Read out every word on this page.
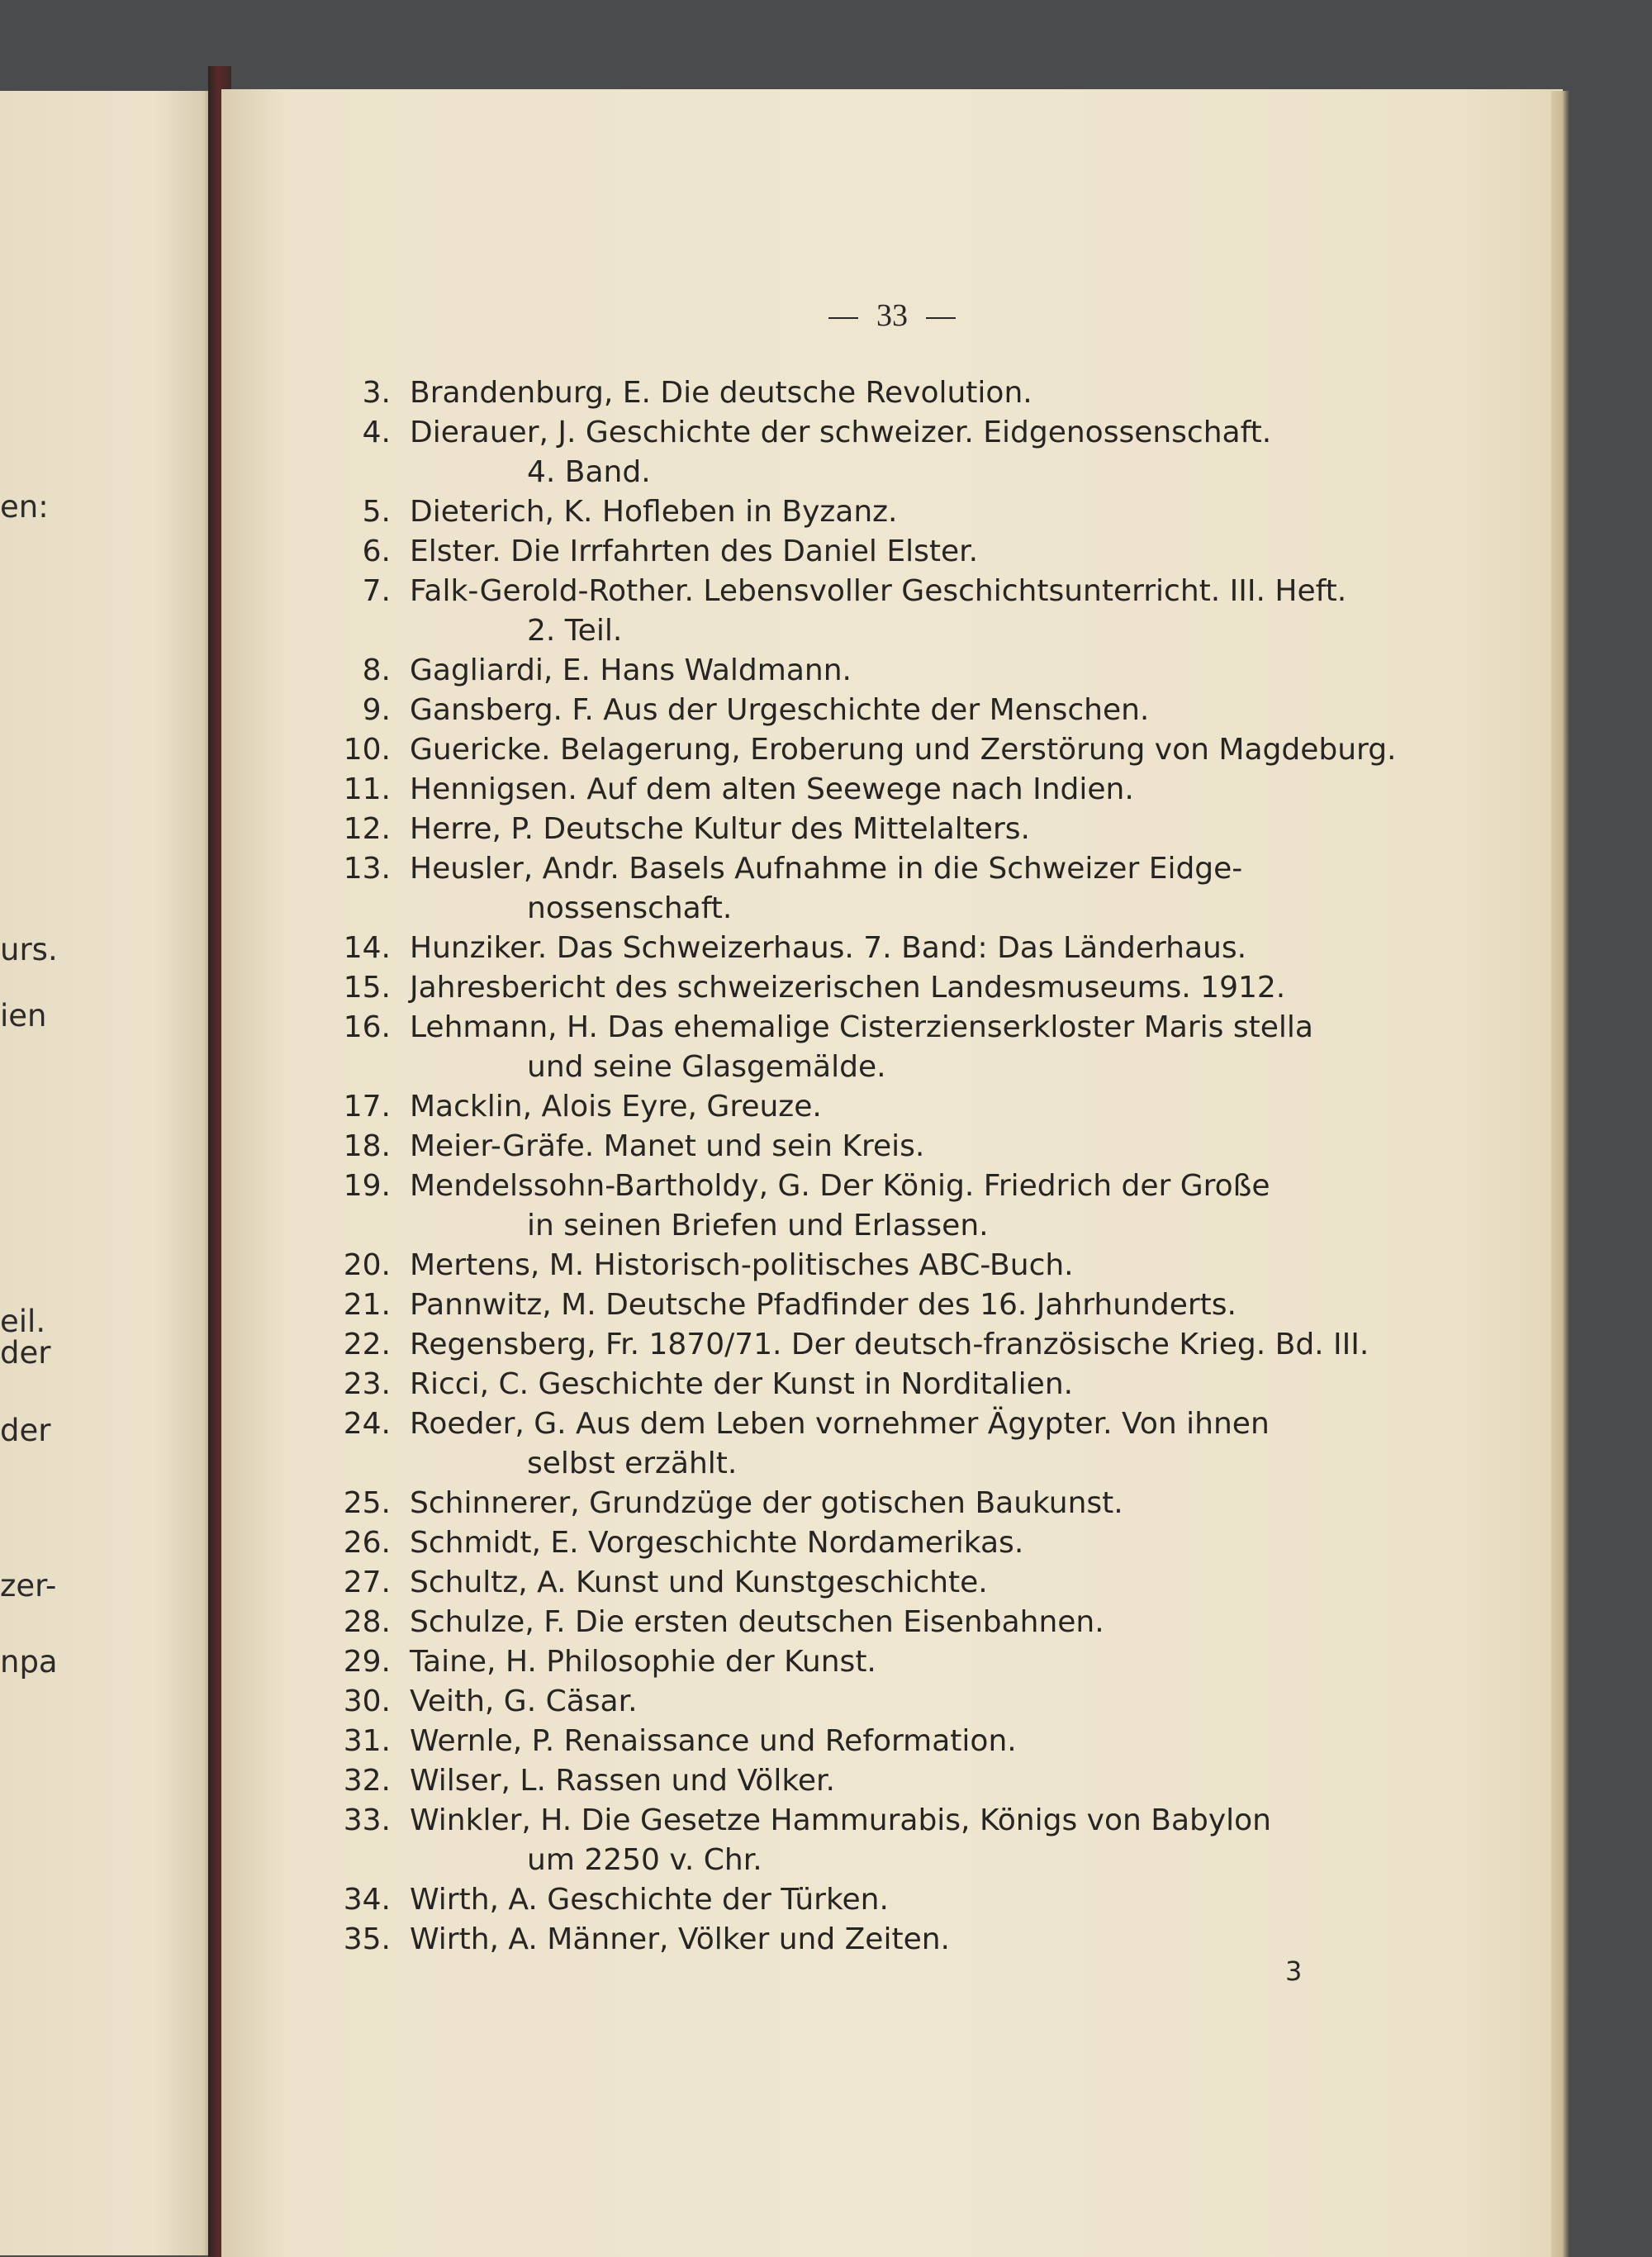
en:
urs.
ien
eil.
der
der
zer-
npa
33
3. Brandenburg, E. Die deutsche Revolution.
4. Dierauer, J. Geschichte der schweizer. Eidgenossenschaft.
4. Band.
5. Dieterich, K. Hofleben in Byzanz.
6. Elster. Die Irrfahrten des Daniel Elster.
7. Falk-Gerold-Rother. Lebensvoller Geschichtsunterricht. III. Heft.
2. Teil.
8. Gagliardi, E. Hans Waldmann.
9. Gansberg. F. Aus der Urgeschichte der Menschen.
10. Guericke. Belagerung, Eroberung und Zerstörung von Magdeburg.
11. Hennigsen. Auf dem alten Seewege nach Indien.
12. Herre, P. Deutsche Kultur des Mittelalters.
13. Heusler, Andr. Basels Aufnahme in die Schweizer Eidge-
nossenschaft.
14. Hunziker. Das Schweizerhaus. 7. Band: Das Länderhaus.
15. Jahresbericht des schweizerischen Landesmuseums. 1912.
16. Lehmann, H. Das ehemalige Cisterzienserkloster Maris stella
und seine Glasgemälde.
17. Macklin, Alois Eyre, Greuze.
18. Meier-Gräfe. Manet und sein Kreis.
19. Mendelssohn-Bartholdy, G. Der König. Friedrich der Große
in seinen Briefen und Erlassen.
20. Mertens, M. Historisch-politisches ABC-Buch.
21. Pannwitz, M. Deutsche Pfadfinder des 16. Jahrhunderts.
22. Regensberg, Fr. 1870/71. Der deutsch-französische Krieg. Bd. III.
23. Ricci, C. Geschichte der Kunst in Norditalien.
24. Roeder, G. Aus dem Leben vornehmer Ägypter. Von ihnen
selbst erzählt.
25. Schinnerer, Grundzüge der gotischen Baukunst.
26. Schmidt, E. Vorgeschichte Nordamerikas.
27. Schultz, A. Kunst und Kunstgeschichte.
28. Schulze, F. Die ersten deutschen Eisenbahnen.
29. Taine, H. Philosophie der Kunst.
30. Veith, G. Cäsar.
31. Wernle, P. Renaissance und Reformation.
32. Wilser, L. Rassen und Völker.
33. Winkler, H. Die Gesetze Hammurabis, Königs von Babylon
um 2250 v. Chr.
34. Wirth, A. Geschichte der Türken.
35. Wirth, A. Männer, Völker und Zeiten.
3
